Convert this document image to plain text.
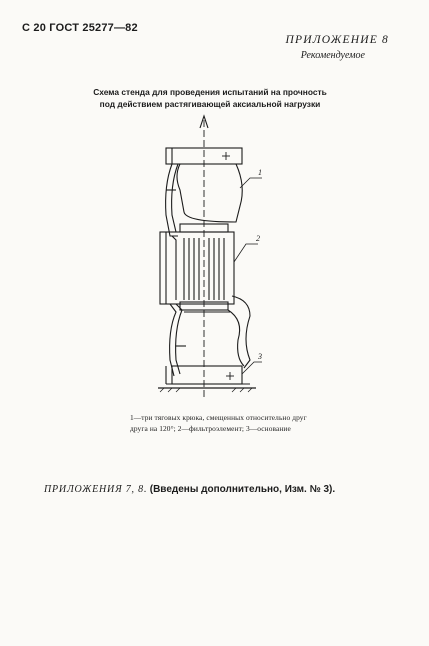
С 20 ГОСТ 25277—82
ПРИЛОЖЕНИЕ 8
Рекомендуемое
Схема стенда для проведения испытаний на прочность
под действием растягивающей аксиальной нагрузки
1
2
3
1—три тяговых крюка, смещенных относительно друг
друга на 120°; 2—фильтроэлемент; 3—основание
ПРИЛОЖЕНИЯ 7, 8. (Введены дополнительно, Изм. № 3).
